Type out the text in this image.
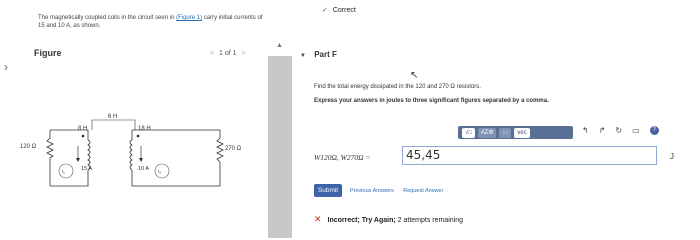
›
The magnetically coupled coils in the circuit seen in (Figure 1) carry initial currents of 15 and 10 A, as shown.
Figure	< 1 of 1 >
120 Ω
8 H
15 A
i₁
6 H
18 H
10 A i₂
270 Ω
▲
✓ Correct
▼ Part F
↖
Find the total energy dissipated in the 120 and 270 Ω resistors.
Express your answers in joules to three significant figures separated by a comma.
√□	ΑΣΦ	↓↑	vec	↰ ↱ ↻ ▭	?
W120Ω, W270Ω =	45,45	J
Submit	Previous Answers Request Answer
✕ Incorrect; Try Again; 2 attempts remaining
